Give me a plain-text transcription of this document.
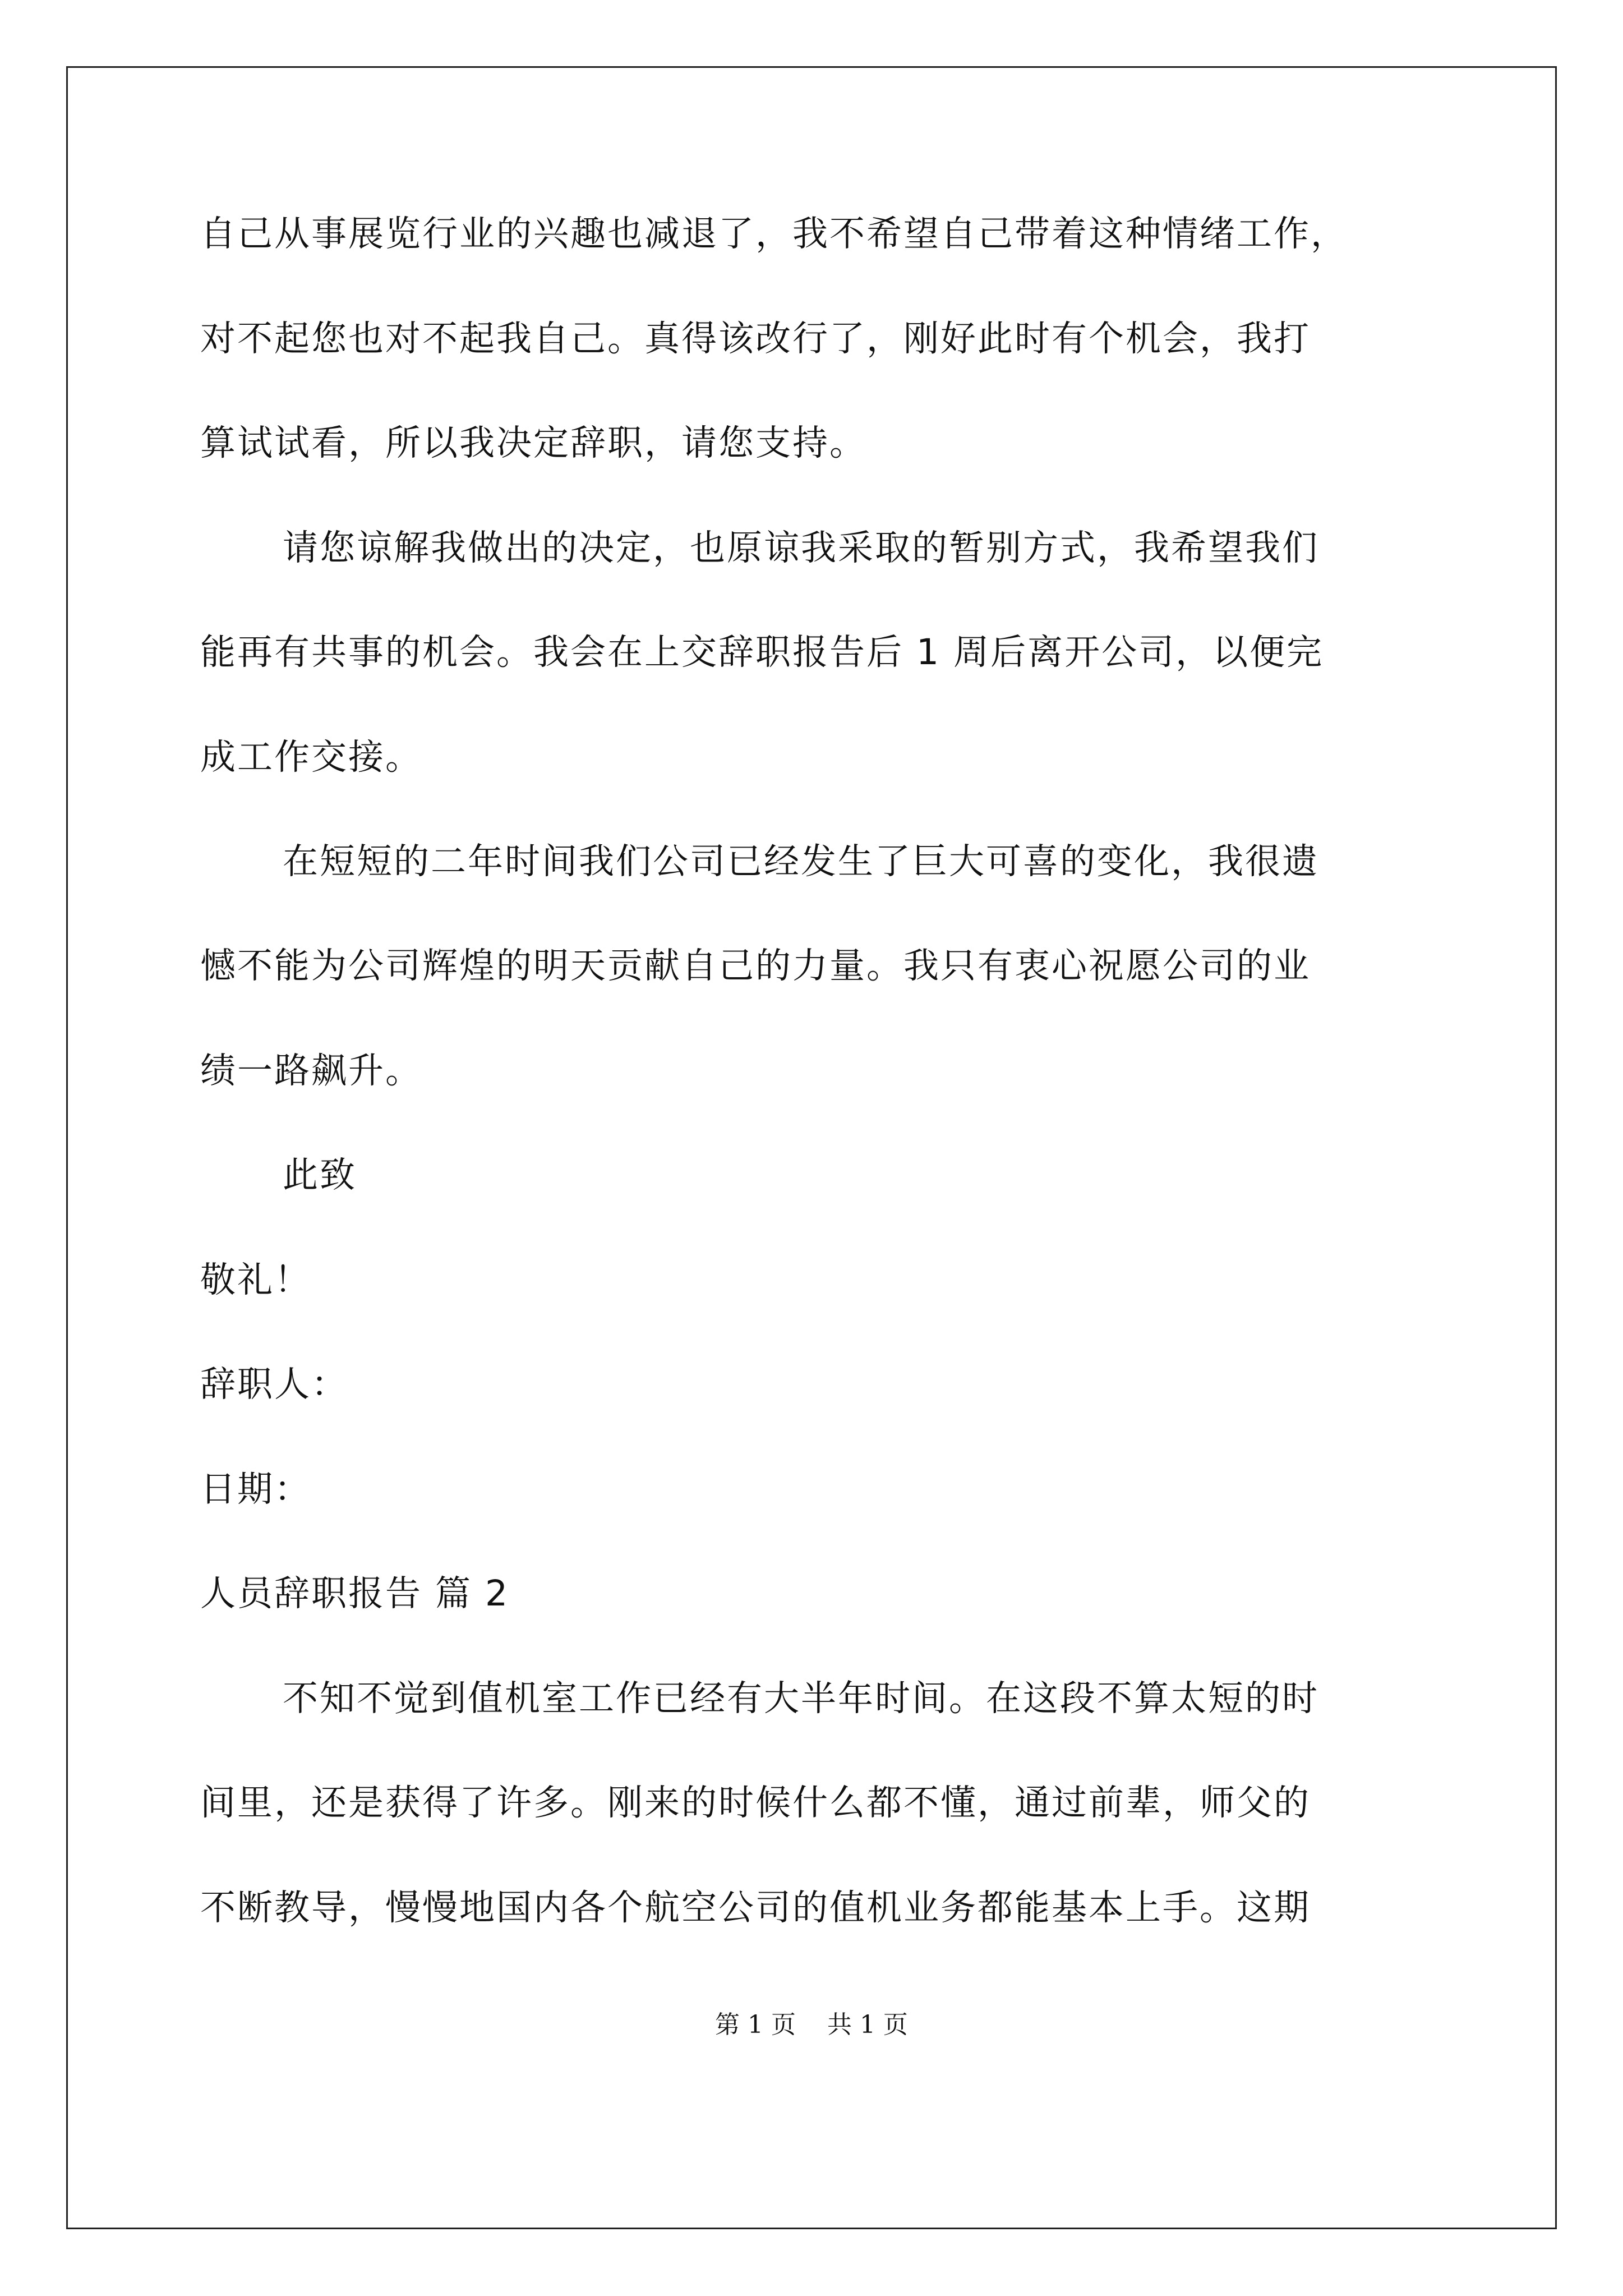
自己从事展览行业的兴趣也减退了，我不希望自己带着这种情绪工作，

对不起您也对不起我自己。真得该改行了，刚好此时有个机会，我打

算试试看，所以我决定辞职，请您支持。

请您谅解我做出的决定，也原谅我采取的暂别方式，我希望我们

能再有共事的机会。我会在上交辞职报告后 1 周后离开公司，以便完

成工作交接。

在短短的二年时间我们公司已经发生了巨大可喜的变化，我很遗

憾不能为公司辉煌的明天贡献自己的力量。我只有衷心祝愿公司的业

绩一路飙升。

此致

敬礼！

辞职人：

日期：

人员辞职报告 篇 2

不知不觉到值机室工作已经有大半年时间。在这段不算太短的时

间里，还是获得了许多。刚来的时候什么都不懂，通过前辈，师父的

不断教导，慢慢地国内各个航空公司的值机业务都能基本上手。这期

第 1 页    共 1 页
